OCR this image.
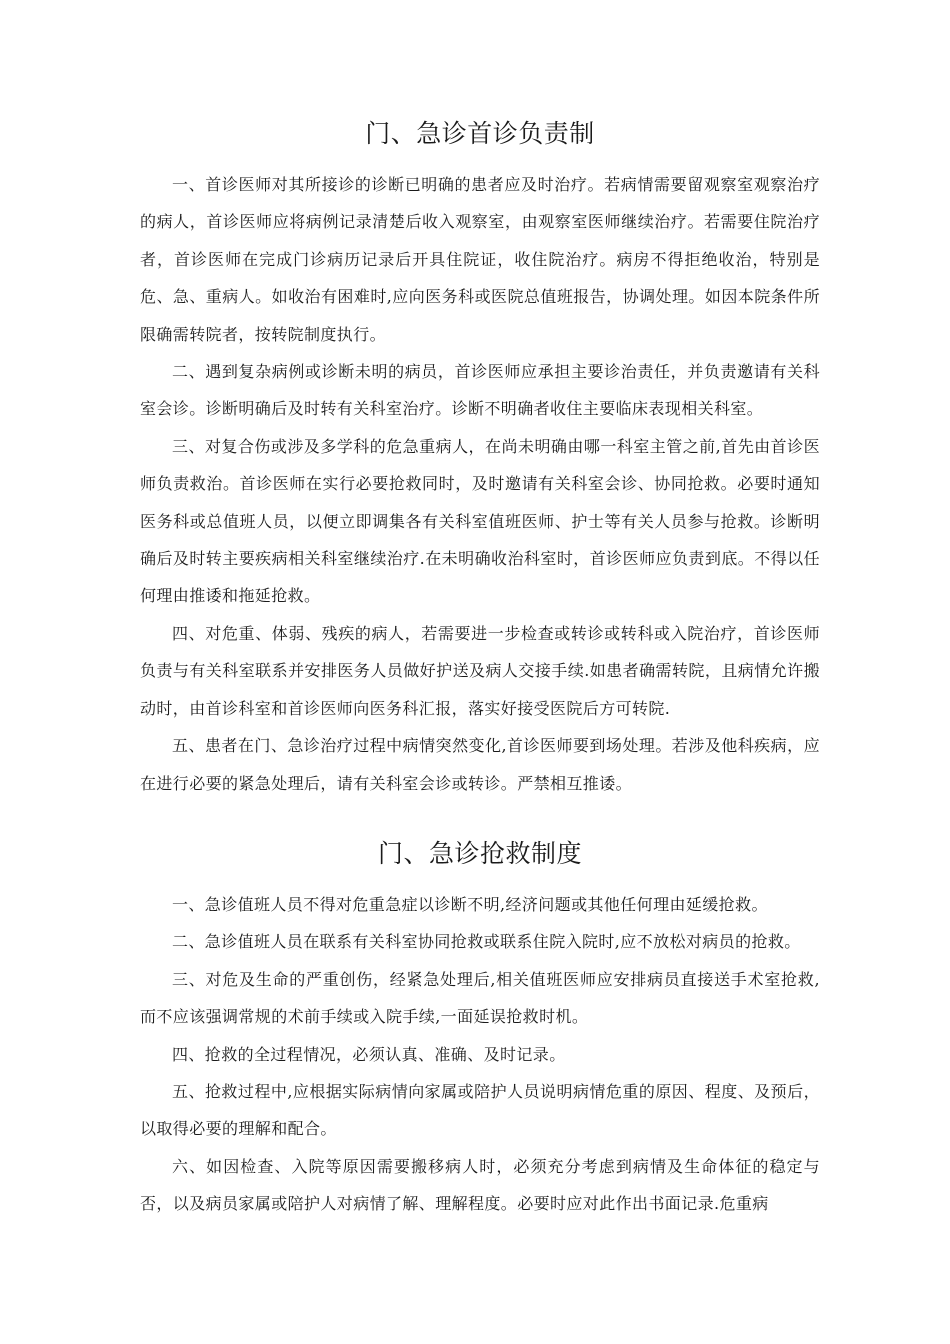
门、急诊首诊负责制

一、首诊医师对其所接诊的诊断已明确的患者应及时治疗。若病情需要留观察室观察治疗的病人，首诊医师应将病例记录清楚后收入观察室，由观察室医师继续治疗。若需要住院治疗者，首诊医师在完成门诊病历记录后开具住院证，收住院治疗。病房不得拒绝收治，特别是危、急、重病人。如收治有困难时,应向医务科或医院总值班报告，协调处理。如因本院条件所限确需转院者，按转院制度执行。

二、遇到复杂病例或诊断未明的病员，首诊医师应承担主要诊治责任，并负责邀请有关科室会诊。诊断明确后及时转有关科室治疗。诊断不明确者收住主要临床表现相关科室。

三、对复合伤或涉及多学科的危急重病人，在尚未明确由哪一科室主管之前,首先由首诊医师负责救治。首诊医师在实行必要抢救同时，及时邀请有关科室会诊、协同抢救。必要时通知医务科或总值班人员，以便立即调集各有关科室值班医师、护士等有关人员参与抢救。诊断明确后及时转主要疾病相关科室继续治疗.在未明确收治科室时，首诊医师应负责到底。不得以任何理由推诿和拖延抢救。

四、对危重、体弱、残疾的病人，若需要进一步检查或转诊或转科或入院治疗，首诊医师负责与有关科室联系并安排医务人员做好护送及病人交接手续.如患者确需转院，且病情允许搬动时，由首诊科室和首诊医师向医务科汇报，落实好接受医院后方可转院.

五、患者在门、急诊治疗过程中病情突然变化,首诊医师要到场处理。若涉及他科疾病，应在进行必要的紧急处理后，请有关科室会诊或转诊。严禁相互推诿。

门、急诊抢救制度

一、急诊值班人员不得对危重急症以诊断不明,经济问题或其他任何理由延缓抢救。

二、急诊值班人员在联系有关科室协同抢救或联系住院入院时,应不放松对病员的抢救。

三、对危及生命的严重创伤，经紧急处理后,相关值班医师应安排病员直接送手术室抢救,而不应该强调常规的术前手续或入院手续,一面延误抢救时机。

四、抢救的全过程情况，必须认真、准确、及时记录。

五、抢救过程中,应根据实际病情向家属或陪护人员说明病情危重的原因、程度、及预后，以取得必要的理解和配合。

六、如因检查、入院等原因需要搬移病人时，必须充分考虑到病情及生命体征的稳定与否，以及病员家属或陪护人对病情了解、理解程度。必要时应对此作出书面记录.危重病
